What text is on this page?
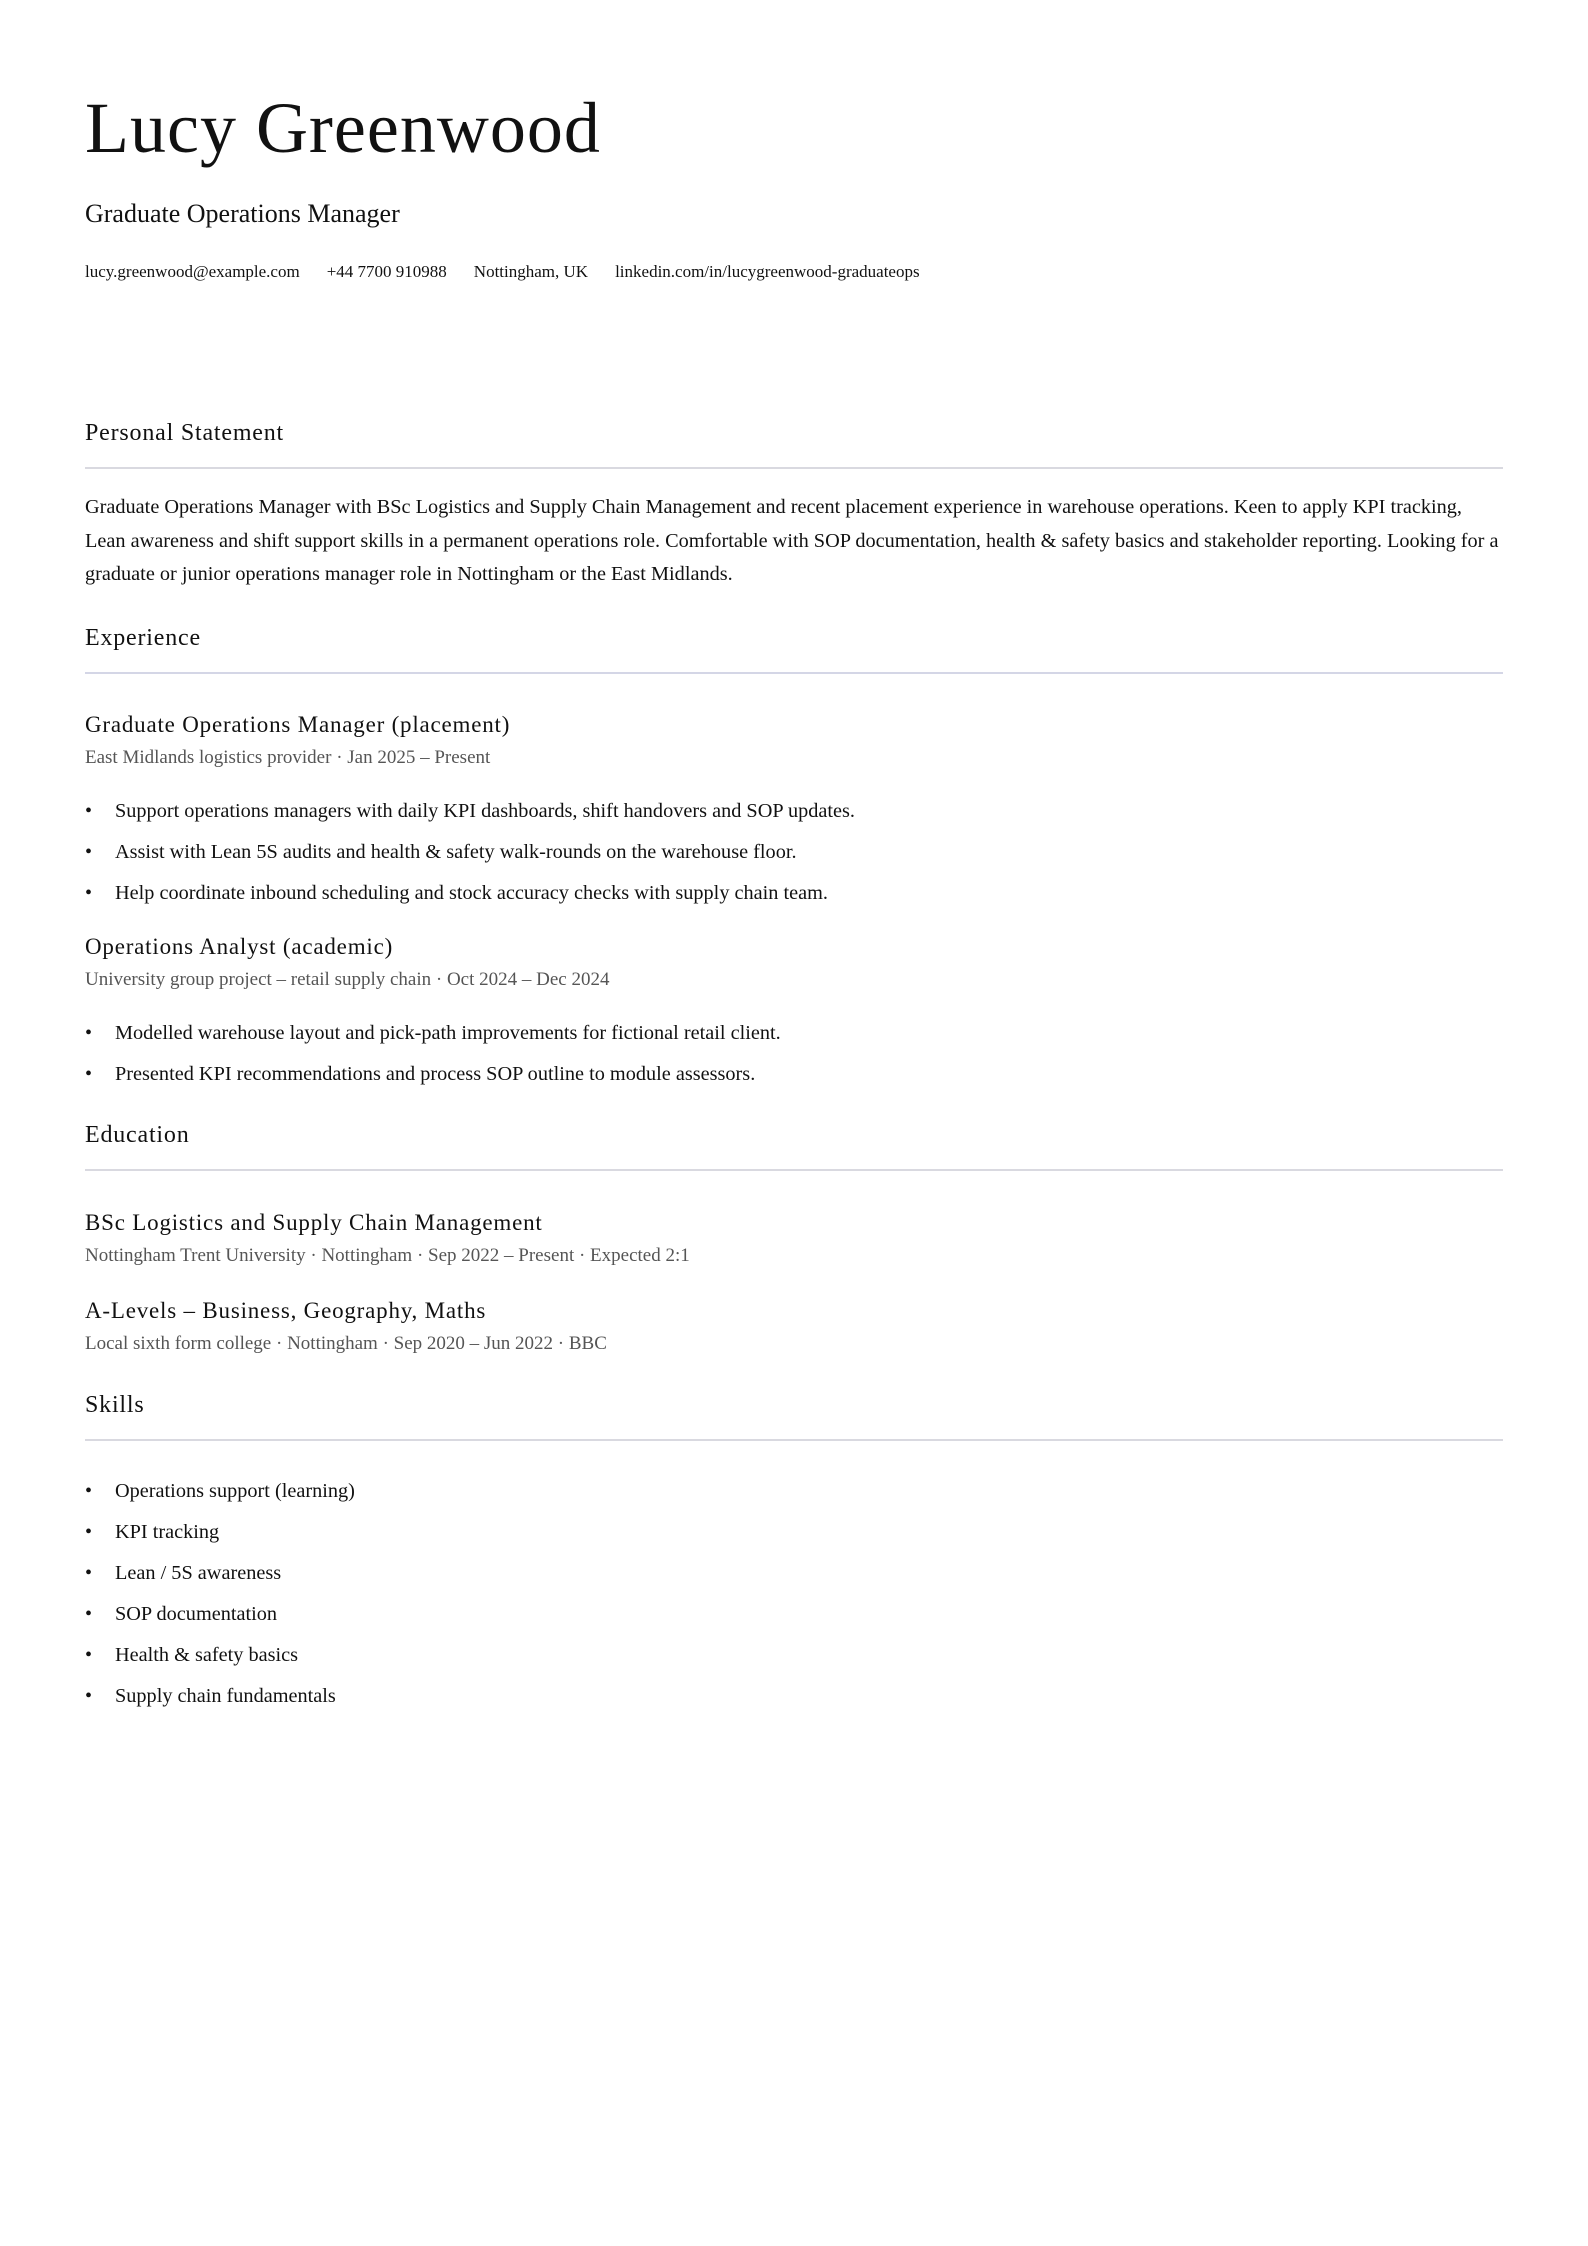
Lucy Greenwood
Graduate Operations Manager
lucy.greenwood@example.com +44 7700 910988 Nottingham, UK linkedin.com/in/lucygreenwood-graduateops
Personal Statement

Graduate Operations Manager with BSc Logistics and Supply Chain Management and recent placement experience in warehouse operations. Keen to apply KPI tracking, Lean awareness and shift support skills in a permanent operations role. Comfortable with SOP documentation, health & safety basics and stakeholder reporting. Looking for a graduate or junior operations manager role in Nottingham or the East Midlands.

Experience
Graduate Operations Manager (placement)

East Midlands logistics provider · Jan 2025 – Present

• Support operations managers with daily KPI dashboards, shift handovers and SOP updates.
• Assist with Lean 5S audits and health & safety walk-rounds on the warehouse floor.
• Help coordinate inbound scheduling and stock accuracy checks with supply chain team.
Operations Analyst (academic)

University group project – retail supply chain · Oct 2024 – Dec 2024

• Modelled warehouse layout and pick-path improvements for fictional retail client.
• Presented KPI recommendations and process SOP outline to module assessors.
Education
BSc Logistics and Supply Chain Management

Nottingham Trent University · Nottingham · Sep 2022 – Present · Expected 2:1

A-Levels – Business, Geography, Maths

Local sixth form college · Nottingham · Sep 2020 – Jun 2022 · BBC

Skills
• Operations support (learning)
• KPI tracking
• Lean / 5S awareness
• SOP documentation
• Health & safety basics
• Supply chain fundamentals
